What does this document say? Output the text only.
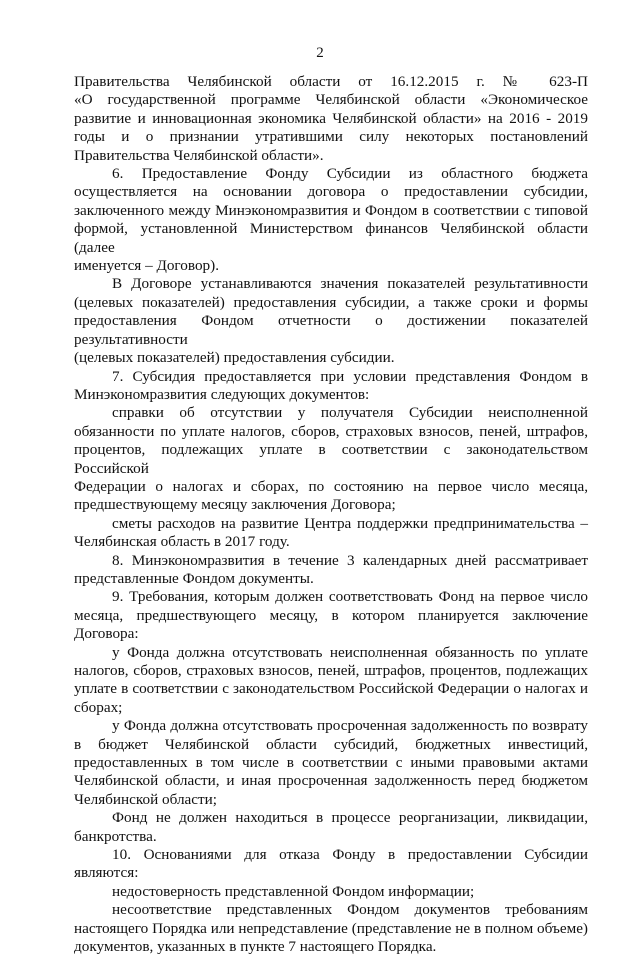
2

Правительства Челябинской области от 16.12.2015 г. № 623-П
«О государственной программе Челябинской области «Экономическое
развитие и инновационная экономика Челябинской области» на 2016 - 2019
годы и о признании утратившими силу некоторых постановлений
Правительства Челябинской области».

6. Предоставление Фонду Субсидии из областного бюджета
осуществляется на основании договора о предоставлении субсидии,
заключенного между Минэкономразвития и Фондом в соответствии с типовой
формой, установленной Министерством финансов Челябинской области (далее
именуется – Договор).

В Договоре устанавливаются значения показателей результативности
(целевых показателей) предоставления субсидии, а также сроки и формы
предоставления Фондом отчетности о достижении показателей результативности
(целевых показателей) предоставления субсидии.

7. Субсидия предоставляется при условии представления Фондом в
Минэкономразвития следующих документов:

справки об отсутствии у получателя Субсидии неисполненной
обязанности по уплате налогов, сборов, страховых взносов, пеней, штрафов,
процентов, подлежащих уплате в соответствии с законодательством Российской
Федерации о налогах и сборах, по состоянию на первое число месяца,
предшествующему месяцу заключения Договора;

сметы расходов на развитие Центра поддержки предпринимательства –
Челябинская область в 2017 году.

8. Минэкономразвития в течение 3 календарных дней рассматривает
представленные Фондом документы.

9. Требования, которым должен соответствовать Фонд на первое число
месяца, предшествующего месяцу, в котором планируется заключение
Договора:

у Фонда должна отсутствовать неисполненная обязанность по уплате
налогов, сборов, страховых взносов, пеней, штрафов, процентов, подлежащих
уплате в соответствии с законодательством Российской Федерации о налогах и
сборах;

у Фонда должна отсутствовать просроченная задолженность по возврату
в бюджет Челябинской области субсидий, бюджетных инвестиций,
предоставленных в том числе в соответствии с иными правовыми актами
Челябинской области, и иная просроченная задолженность перед бюджетом
Челябинской области;

Фонд не должен находиться в процессе реорганизации, ликвидации,
банкротства.

10. Основаниями для отказа Фонду в предоставлении Субсидии являются:

недостоверность представленной Фондом информации;

несоответствие представленных Фондом документов требованиям
настоящего Порядка или непредставление (представление не в полном объеме)
документов, указанных в пункте 7 настоящего Порядка.
